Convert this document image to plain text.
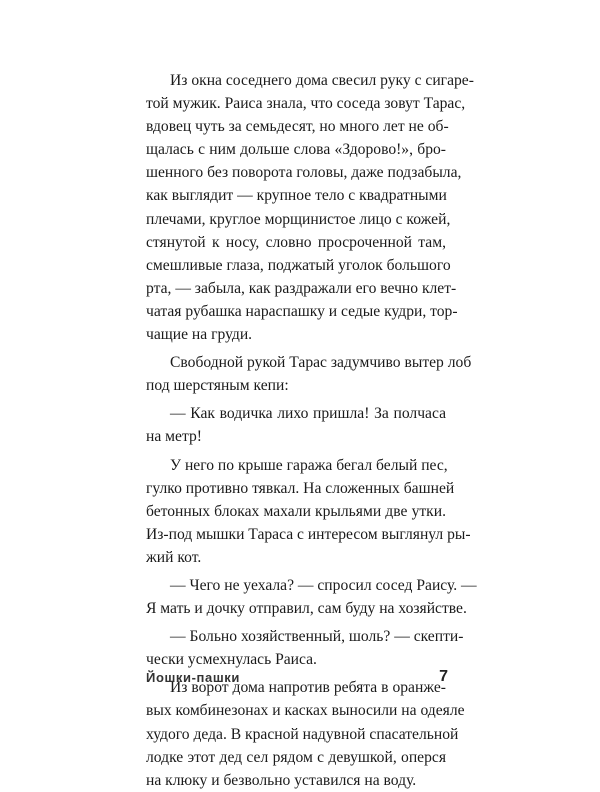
Из окна соседнего дома свесил руку с сигаре-
той мужик. Раиса знала, что соседа зовут Тарас,
вдовец чуть за семьдесят, но много лет не об-
щалась с ним дольше слова «Здорово!», бро-
шенного без поворота головы, даже подзабыла,
как выглядит — крупное тело с квадратными
плечами, круглое морщинистое лицо с кожей,
стянутой к носу, словно просроченной там,
смешливые глаза, поджатый уголок большого
рта, — забыла, как раздражали его вечно клет-
чатая рубашка нараспашку и седые кудри, тор-
чащие на груди.
Свободной рукой Тарас задумчиво вытер лоб
под шерстяным кепи:
— Как водичка лихо пришла! За полчаса
на метр!
У него по крыше гаража бегал белый пес,
гулко противно тявкал. На сложенных башней
бетонных блоках махали крыльями две утки.
Из-под мышки Тараса с интересом выглянул ры-
жий кот.
— Чего не уехала? — спросил сосед Раису. —
Я мать и дочку отправил, сам буду на хозяйстве.
— Больно хозяйственный, шоль? — скепти-
чески усмехнулась Раиса.
Из ворот дома напротив ребята в оранже-
вых комбинезонах и касках выносили на одеяле
худого деда. В красной надувной спасательной
лодке этот дед сел рядом с девушкой, оперся
на клюку и безвольно уставился на воду.
Йошки-пашки	7
